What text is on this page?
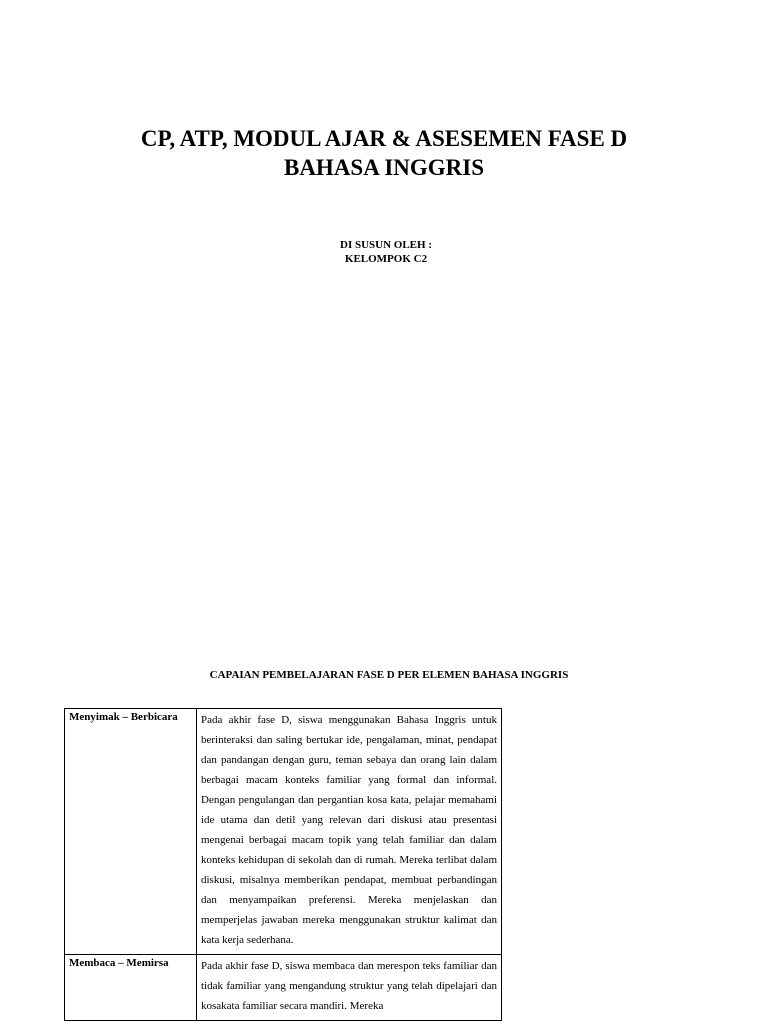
CP, ATP, MODUL AJAR & ASESEMEN FASE D
BAHASA INGGRIS
DI SUSUN OLEH :
KELOMPOK C2
CAPAIAN PEMBELAJARAN FASE D PER ELEMEN BAHASA INGGRIS
Menyimak – Berbicara	Pada akhir fase D, siswa menggunakan Bahasa Inggris untuk berinteraksi dan saling bertukar ide, pengalaman, minat, pendapat dan pandangan dengan guru, teman sebaya dan orang lain dalam berbagai macam konteks familiar yang formal dan informal. Dengan pengulangan dan pergantian kosa kata, pelajar memahami ide utama dan detil yang relevan dari diskusi atau presentasi mengenai berbagai macam topik yang telah familiar dan dalam konteks kehidupan di sekolah dan di rumah. Mereka terlibat dalam diskusi, misalnya memberikan pendapat, membuat perbandingan dan menyampaikan preferensi. Mereka menjelaskan dan memperjelas jawaban mereka menggunakan struktur kalimat dan kata kerja sederhana.
Membaca – Memirsa	Pada akhir fase D, siswa membaca dan merespon teks familiar dan tidak familiar yang mengandung struktur yang telah dipelajari dan kosakata familiar secara mandiri. Mereka
